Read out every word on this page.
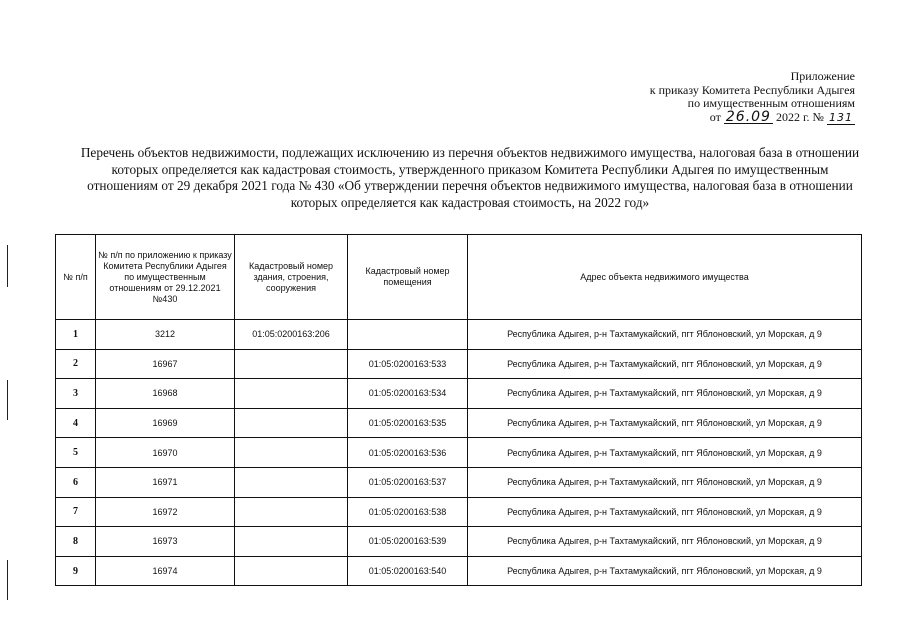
Приложение
к приказу Комитета Республики Адыгея
по имущественным отношениям
от 26.09 2022 г. № 131
Перечень объектов недвижимости, подлежащих исключению из перечня объектов недвижимого имущества, налоговая база в отношении которых определяется как кадастровая стоимость, утвержденного приказом Комитета Республики Адыгея по имущественным отношениям от 29 декабря 2021 года № 430 «Об утверждении перечня объектов недвижимого имущества, налоговая база в отношении которых определяется как кадастровая стоимость, на 2022 год»
№ п/п	№ п/п по приложению к приказу Комитета Республики Адыгея по имущественным отношениям от 29.12.2021 №430	Кадастровый номер здания, строения, сооружения	Кадастровый номер помещения	Адрес объекта недвижимого имущества
1	3212	01:05:0200163:206		Республика Адыгея, р-н Тахтамукайский, пгт Яблоновский, ул Морская, д 9
2	16967		01:05:0200163:533	Республика Адыгея, р-н Тахтамукайский, пгт Яблоновский, ул Морская, д 9
3	16968		01:05:0200163:534	Республика Адыгея, р-н Тахтамукайский, пгт Яблоновский, ул Морская, д 9
4	16969		01:05:0200163:535	Республика Адыгея, р-н Тахтамукайский, пгт Яблоновский, ул Морская, д 9
5	16970		01:05:0200163:536	Республика Адыгея, р-н Тахтамукайский, пгт Яблоновский, ул Морская, д 9
6	16971		01:05:0200163:537	Республика Адыгея, р-н Тахтамукайский, пгт Яблоновский, ул Морская, д 9
7	16972		01:05:0200163:538	Республика Адыгея, р-н Тахтамукайский, пгт Яблоновский, ул Морская, д 9
8	16973		01:05:0200163:539	Республика Адыгея, р-н Тахтамукайский, пгт Яблоновский, ул Морская, д 9
9	16974		01:05:0200163:540	Республика Адыгея, р-н Тахтамукайский, пгт Яблоновский, ул Морская, д 9
